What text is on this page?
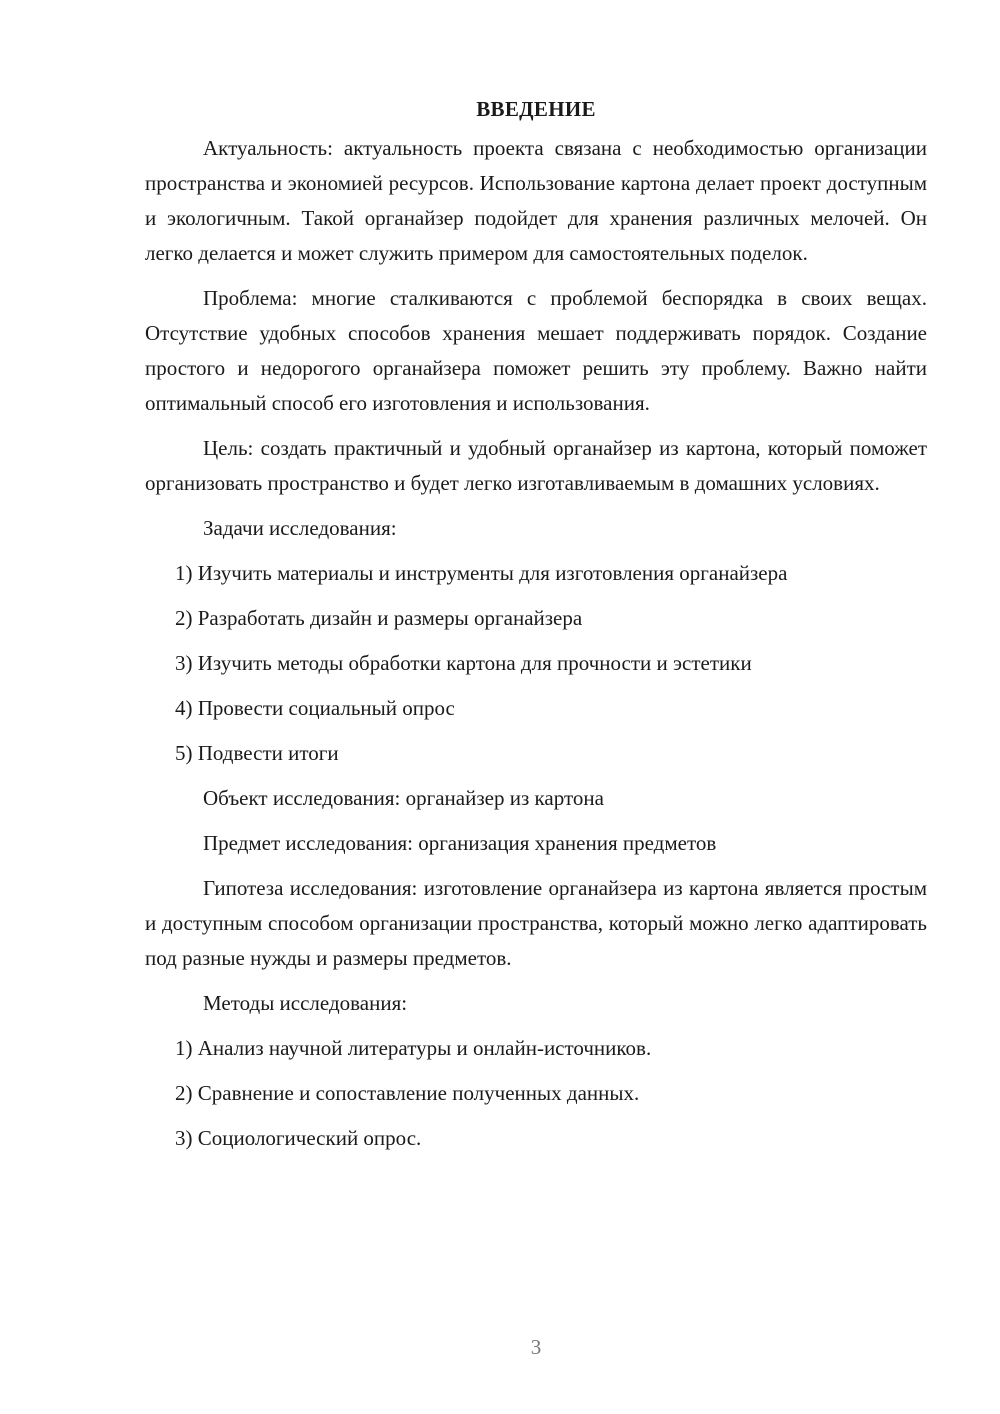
ВВЕДЕНИЕ

Актуальность: актуальность проекта связана с необходимостью организации пространства и экономией ресурсов. Использование картона делает проект доступным и экологичным. Такой органайзер подойдет для хранения различных мелочей. Он легко делается и может служить примером для самостоятельных поделок.

Проблема: многие сталкиваются с проблемой беспорядка в своих вещах. Отсутствие удобных способов хранения мешает поддерживать порядок. Создание простого и недорогого органайзера поможет решить эту проблему. Важно найти оптимальный способ его изготовления и использования.

Цель: создать практичный и удобный органайзер из картона, который поможет организовать пространство и будет легко изготавливаемым в домашних условиях.

Задачи исследования:
1) Изучить материалы и инструменты для изготовления органайзера
2) Разработать дизайн и размеры органайзера
3) Изучить методы обработки картона для прочности и эстетики
4) Провести социальный опрос
5) Подвести итоги
Объект исследования: органайзер из картона
Предмет исследования: организация хранения предметов

Гипотеза исследования: изготовление органайзера из картона является простым и доступным способом организации пространства, который можно легко адаптировать под разные нужды и размеры предметов.

Методы исследования:
1) Анализ научной литературы и онлайн-источников.
2) Сравнение и сопоставление полученных данных.
3) Социологический опрос.
3
